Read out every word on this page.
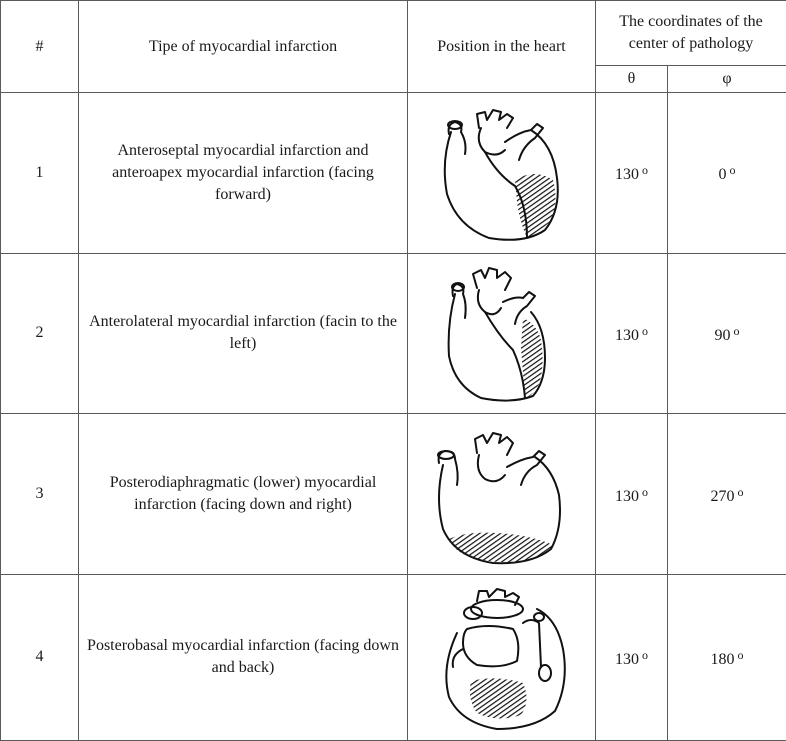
#	Tipe of myocardial infarction	Position in the heart	The coordinates of the center of pathology	
			θ	φ
1	Anteroseptal myocardial infarction and anteroapex myocardial infarction (facing forward)		130 $^o$	0 $^o$
2	Anterolateral myocardial infarction (facin to the left)		130 $^o$	90 $^o$
3	Posterodiaphragmatic (lower) myocardial infarction (facing down and right)		130 $^o$	270 $^o$
4	Posterobasal myocardial infarction (facing down and back)		130 $^o$	180 $^o$
